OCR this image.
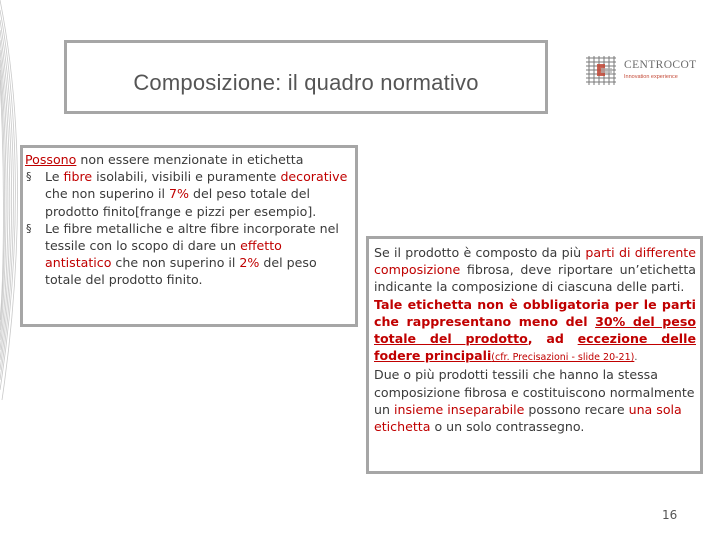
Composizione: il quadro normativo
CENTROCOT
Innovation experience

Possono non essere menzionate in etichetta

§ Le fibre isolabili, visibili e puramente decorative che non superino il 7% del peso totale del prodotto finito[frange e pizzi per esempio].
§ Le fibre metalliche e altre fibre incorporate nel tessile con lo scopo di dare un effetto antistatico che non superino il 2% del peso totale del prodotto finito.

Se il prodotto è composto da più parti di differente composizione fibrosa, deve riportare un’etichetta indicante la composizione di ciascuna delle parti.

Tale etichetta non è obbligatoria per le parti che rappresentano meno del 30% del peso totale del prodotto, ad eccezione delle fodere principali(cfr. Precisazioni - slide 20-21).

Due o più prodotti tessili che hanno la stessa composizione fibrosa e costituiscono normalmente un insieme inseparabile possono recare una sola etichetta o un solo contrassegno.

16
